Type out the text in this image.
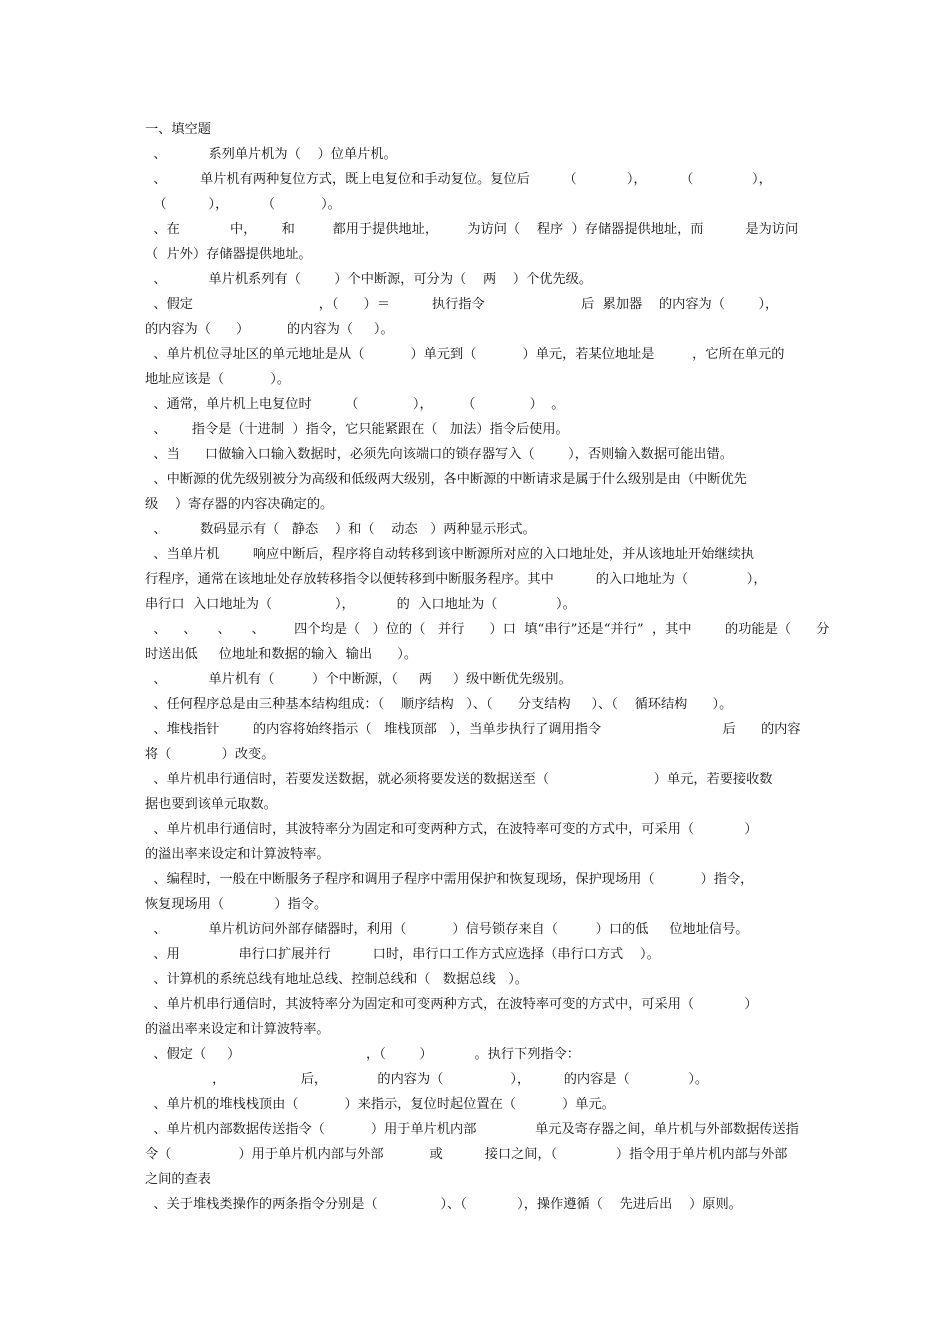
一、填空题

、          系列单片机为（    ）位单片机。

、        单片机有两种复位方式，既上电复位和手动复位。复位后        （            ），        （              ），

（          ），        （           ）。

、在            中，      和         都用于提供地址，       为访问（    程序  ）存储器提供地址，而          是为访问

（  片外）存储器提供地址。

、          单片机系列有（        ）个中断源，可分为（    两    ）个优先级。

、假定                              ，（      ）＝          执行指令                       后  累加器    的内容为（        ），

的内容为（      ）         的内容为（     ）。

、单片机位寻址区的单元地址是从（           ）单元到（           ）单元，若某位地址是         ，它所在单元的

地址应该是（           ）。

、通常，单片机上电复位时        （             ），       （             ）  。

、      指令是（十进制  ）指令，它只能紧跟在（   加法）指令后使用。

、当      口做输入口输入数据时，必须先向该端口的锁存器写入（        ），否则输入数据可能出错。

、中断源的优先级别被分为高级和低级两大级别，各中断源的中断请求是属于什么级别是由（中断优先

级    ）寄存器的内容决确定的。

、        数码显示有（   静态    ）和（    动态   ）两种显示形式。

、当单片机        响应中断后，程序将自动转移到该中断源所对应的入口地址处，并从该地址开始继续执

行程序，通常在该地址处存放转移指令以便转移到中断服务程序。其中          的入口地址为（              ），

串行口  入口地址为（               ），          的  入口地址为（              ）。

、    、     、     、       四个均是（   ）位的（   并行      ）口  填“串行”还是“并行”  ，其中        的功能是（      分

时送出低     位地址和数据的输入  输出      ）。

、          单片机有（         ）个中断源，（     两     ）级中断优先级别。

、任何程序总是由三种基本结构组成：（    顺序结构   ）、（      分支结构     ）、（    循环结构      ）。

、堆栈指针        的内容将始终指示（   堆栈顶部   ），当单步执行了调用指令                             后      的内容

将（            ）改变。

、单片机串行通信时，若要发送数据，就必须将要发送的数据送至（                         ）单元，若要接收数

据也要到该单元取数。

、单片机串行通信时，其波特率分为固定和可变两种方式，在波特率可变的方式中，可采用（            ）

的溢出率来设定和计算波特率。

、编程时，一般在中断服务子程序和调用子程序中需用保护和恢复现场，保护现场用（           ）指令，

恢复现场用（            ）指令。

、          单片机访问外部存储器时，利用（           ）信号锁存来自（         ）口的低     位地址信号。

、用              串行口扩展并行          口时，串行口工作方式应选择（串行口方式    ）。

、计算机的系统总线有地址总线、控制总线和（   数据总线   ）。

、单片机串行通信时，其波特率分为固定和可变两种方式，在波特率可变的方式中，可采用（            ）

的溢出率来设定和计算波特率。

、假定（     ）                              ，（        ）          。执行下列指令：

，                  后，            的内容为（                ），        的内容是（              ）。

、单片机的堆栈栈顶由（           ）来指示，复位时起位置在（           ）单元。

、单片机内部数据传送指令（           ）用于单片机内部              单元及寄存器之间，单片机与外部数据传送指

令（                ）用于单片机内部与外部           或          接口之间，（              ）指令用于单片机内部与外部

之间的查表

、关于堆栈类操作的两条指令分别是（               ）、（            ），操作遵循（    先进后出    ）原则。
